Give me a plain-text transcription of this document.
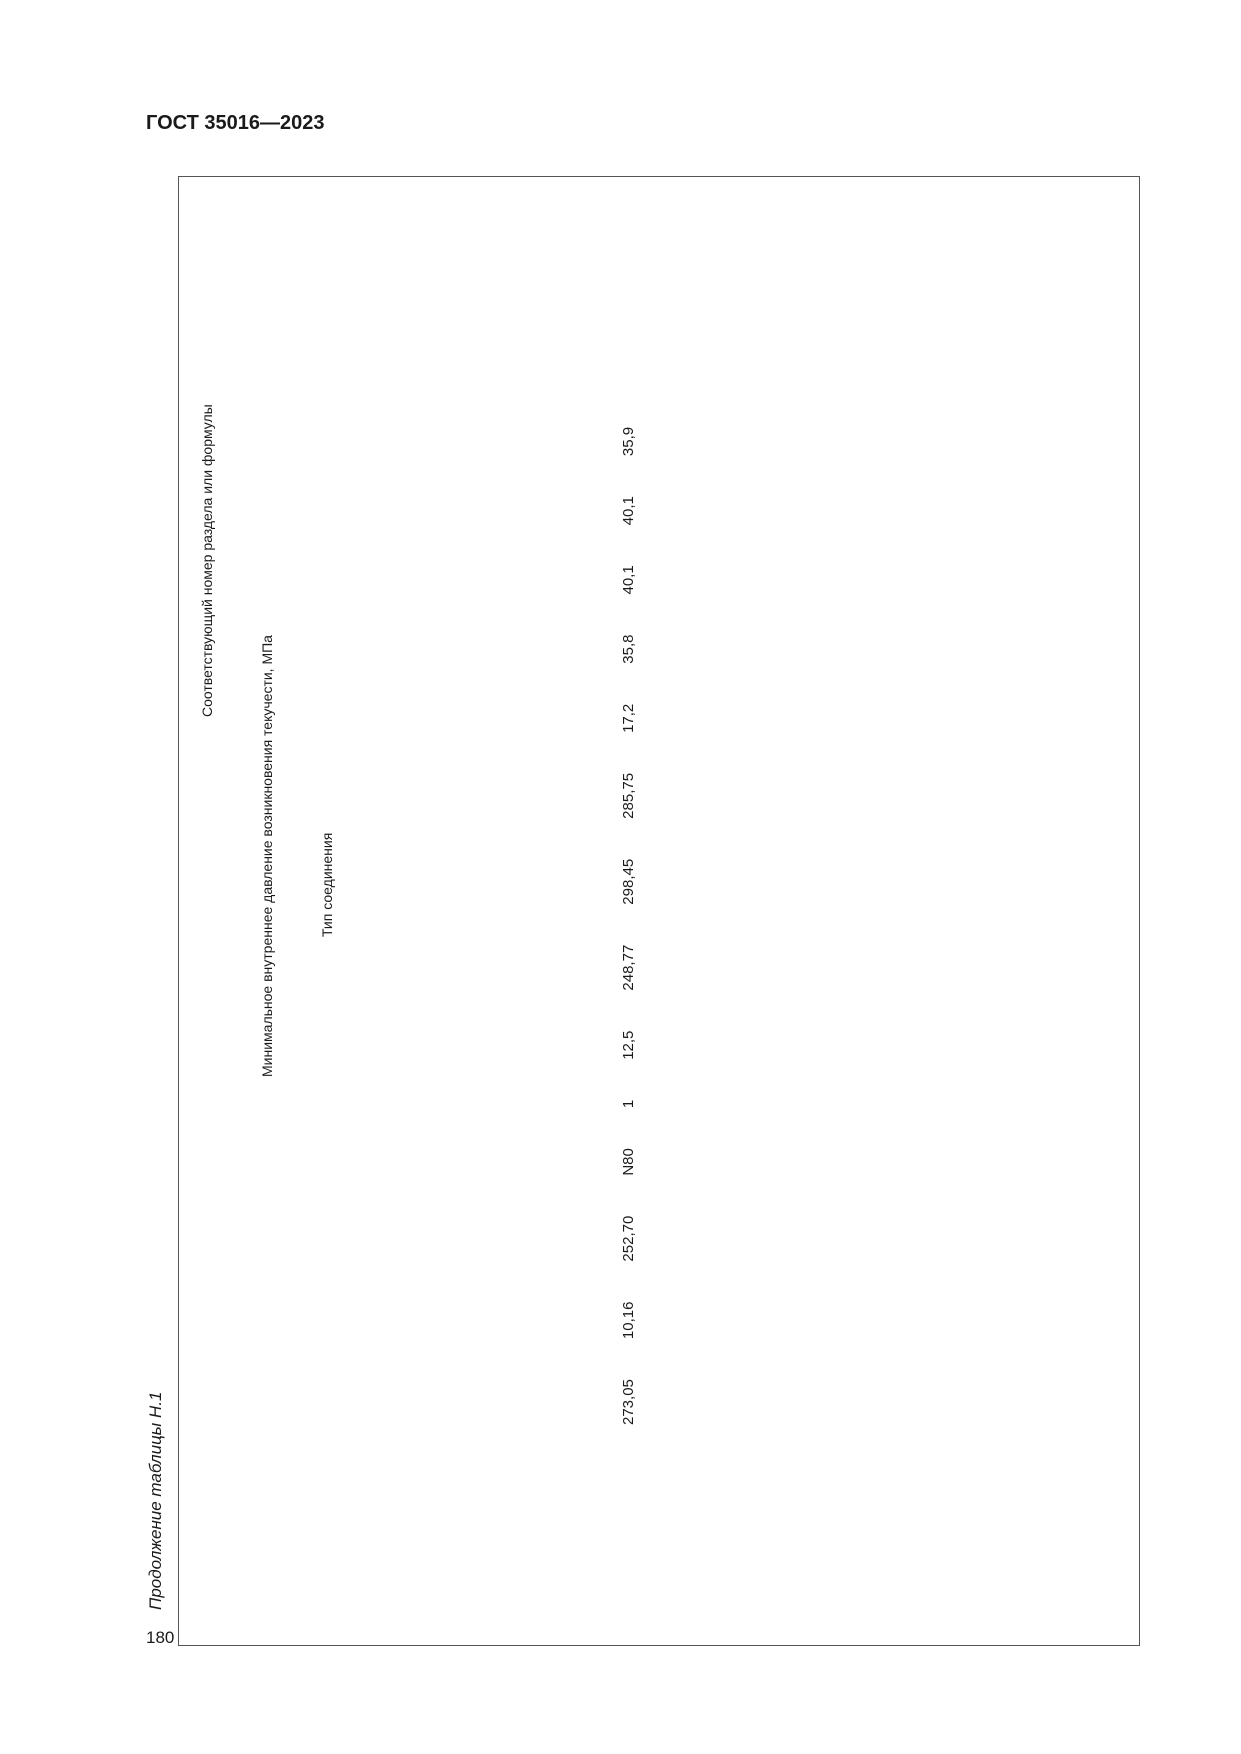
ГОСТ 35016—2023
Продолжение таблицы Н.1
180
Соответствующий номер раздела или формулы
Минимальное внутреннее давление возникновения текучести, МПа	Тип соединения
273,05
10,16
252,70
N80
1
12,5
248,77
298,45
285,75
17,2
35,8
40,1
40,1
35,9
